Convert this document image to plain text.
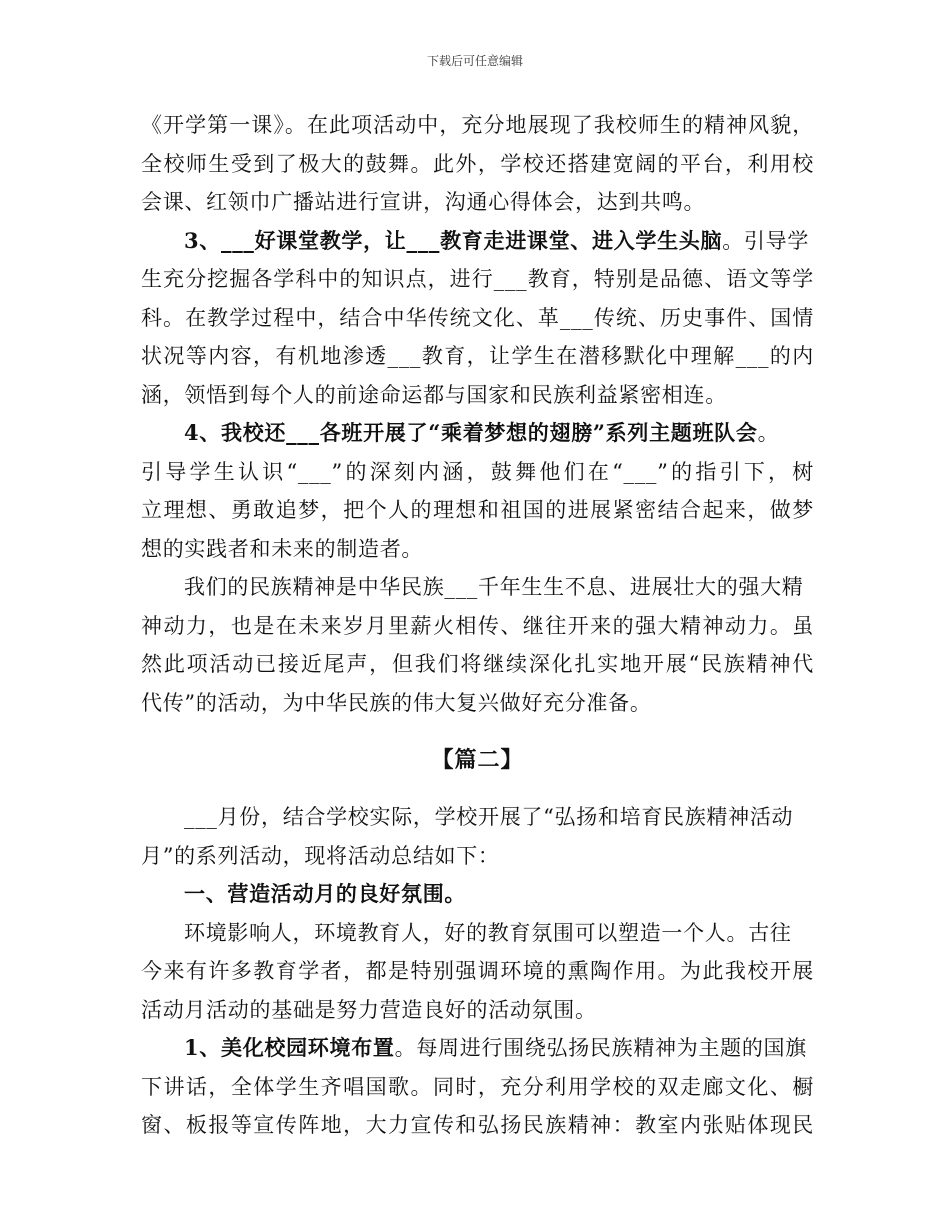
下载后可任意编辑
《开学第一课》。在此项活动中，充分地展现了我校师生的精神风貌，
全校师生受到了极大的鼓舞。此外，学校还搭建宽阔的平台，利用校
会课、红领巾广播站进行宣讲，沟通心得体会，达到共鸣。
3、___好课堂教学，让___教育走进课堂、进入学生头脑。引导学
生充分挖掘各学科中的知识点，进行___教育，特别是品德、语文等学
科。在教学过程中，结合中华传统文化、革___传统、历史事件、国情
状况等内容，有机地渗透___教育，让学生在潜移默化中理解___的内
涵，领悟到每个人的前途命运都与国家和民族利益紧密相连。
4、我校还___各班开展了“乘着梦想的翅膀”系列主题班队会。
引导学生认识“___”的深刻内涵，鼓舞他们在“___”的指引下，树
立理想、勇敢追梦，把个人的理想和祖国的进展紧密结合起来，做梦
想的实践者和未来的制造者。
我们的民族精神是中华民族___千年生生不息、进展壮大的强大精
神动力，也是在未来岁月里薪火相传、继往开来的强大精神动力。虽
然此项活动已接近尾声，但我们将继续深化扎实地开展“民族精神代
代传”的活动，为中华民族的伟大复兴做好充分准备。
【篇二】
___月份，结合学校实际，学校开展了“弘扬和培育民族精神活动
月”的系列活动，现将活动总结如下：
一、营造活动月的良好氛围。
环境影响人，环境教育人，好的教育氛围可以塑造一个人。古往
今来有许多教育学者，都是特别强调环境的熏陶作用。为此我校开展
活动月活动的基础是努力营造良好的活动氛围。
1、美化校园环境布置。每周进行围绕弘扬民族精神为主题的国旗
下讲话，全体学生齐唱国歌。同时，充分利用学校的双走廊文化、橱
窗、板报等宣传阵地，大力宣传和弘扬民族精神：教室内张贴体现民
